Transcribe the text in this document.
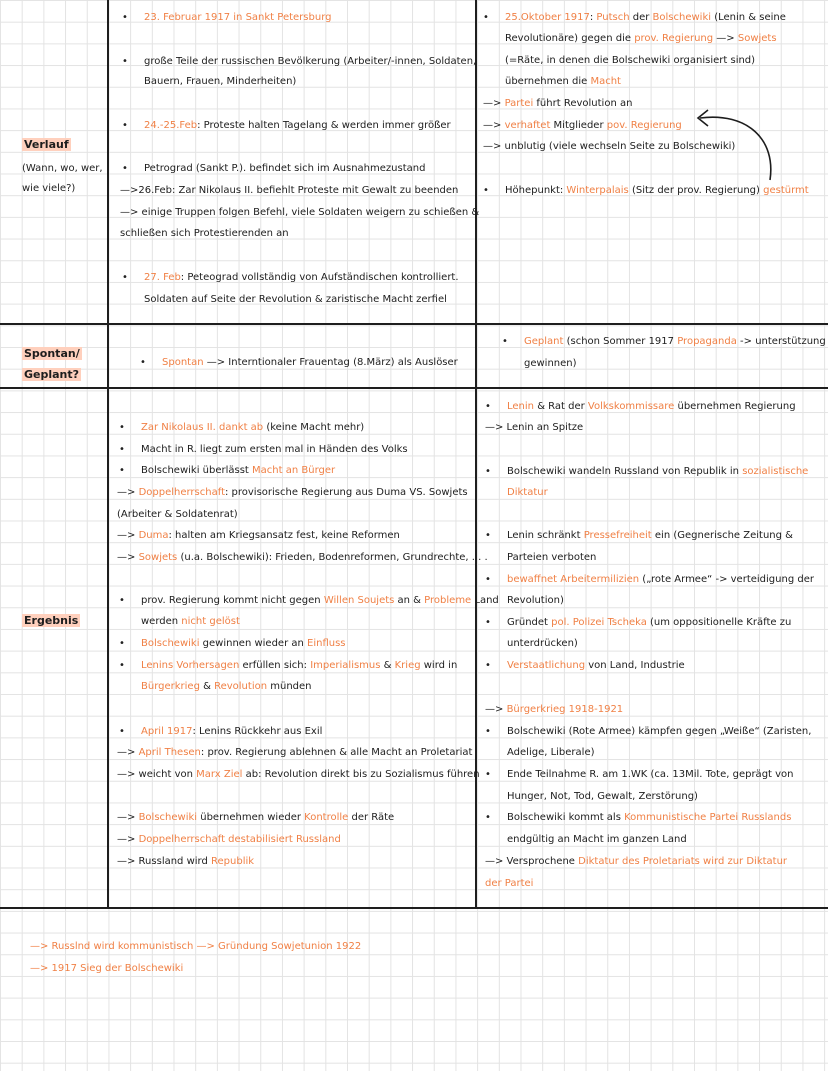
Verlauf
(Wann, wo, wer,
wie viele?)
Spontan/
Geplant?
Ergebnis
• 23. Februar 1917 in Sankt Petersburg
• große Teile der russischen Bevölkerung (Arbeiter/-innen, Soldaten,
Bauern, Frauen, Minderheiten)
• 24.-25.Feb: Proteste halten Tagelang & werden immer größer
• Petrograd (Sankt P.). befindet sich im Ausnahmezustand
—>26.Feb: Zar Nikolaus II. befiehlt Proteste mit Gewalt zu beenden
—> einige Truppen folgen Befehl, viele Soldaten weigern zu schießen &
schließen sich Protestierenden an
• 27. Feb: Peteograd vollständig von Aufständischen kontrolliert.
Soldaten auf Seite der Revolution & zaristische Macht zerfiel
• 25.Oktober 1917: Putsch der Bolschewiki (Lenin & seine
Revolutionäre) gegen die prov. Regierung —> Sowjets
(=Räte, in denen die Bolschewiki organisiert sind)
übernehmen die Macht
—> Partei führt Revolution an
—> verhaftet Mitglieder pov. Regierung
—> unblutig (viele wechseln Seite zu Bolschewiki)
• Höhepunkt: Winterpalais (Sitz der prov. Regierung) gestürmt
• Spontan —> Interntionaler Frauentag (8.März) als Auslöser
• Geplant (schon Sommer 1917 Propaganda -> unterstützung
gewinnen)
• Zar Nikolaus II. dankt ab (keine Macht mehr)
• Macht in R. liegt zum ersten mal in Händen des Volks
• Bolschewiki überlässt Macht an Bürger
—> Doppelherrschaft: provisorische Regierung aus Duma VS. Sowjets
(Arbeiter & Soldatenrat)
—> Duma: halten am Kriegsansatz fest, keine Reformen
—> Sowjets (u.a. Bolschewiki): Frieden, Bodenreformen, Grundrechte, . . .
• prov. Regierung kommt nicht gegen Willen Soujets an & Probleme Land
werden nicht gelöst
• Bolschewiki gewinnen wieder an Einfluss
• Lenins Vorhersagen erfüllen sich: Imperialismus & Krieg wird in
Bürgerkrieg & Revolution münden
• April 1917: Lenins Rückkehr aus Exil
—> April Thesen: prov. Regierung ablehnen & alle Macht an Proletariat
—> weicht von Marx Ziel ab: Revolution direkt bis zu Sozialismus führen
—> Bolschewiki übernehmen wieder Kontrolle der Räte
—> Doppelherrschaft destabilisiert Russland
—> Russland wird Republik
• Lenin & Rat der Volkskommissare übernehmen Regierung
—> Lenin an Spitze
• Bolschewiki wandeln Russland von Republik in sozialistische
Diktatur
• Lenin schränkt Pressefreiheit ein (Gegnerische Zeitung &
Parteien verboten
• bewaffnet Arbeitermilizien („rote Armee“ -> verteidigung der
Revolution)
• Gründet pol. Polizei Tscheka (um oppositionelle Kräfte zu
unterdrücken)
• Verstaatlichung von Land, Industrie
—> Bürgerkrieg 1918-1921
• Bolschewiki (Rote Armee) kämpfen gegen „Weiße“ (Zaristen,
Adelige, Liberale)
• Ende Teilnahme R. am 1.WK (ca. 13Mil. Tote, geprägt von
Hunger, Not, Tod, Gewalt, Zerstörung)
• Bolschewiki kommt als Kommunistische Partei Russlands
endgültig an Macht im ganzen Land
—> Versprochene Diktatur des Proletariats wird zur Diktatur
der Partei
—> Russlnd wird kommunistisch —> Gründung Sowjetunion 1922
—> 1917 Sieg der Bolschewiki
